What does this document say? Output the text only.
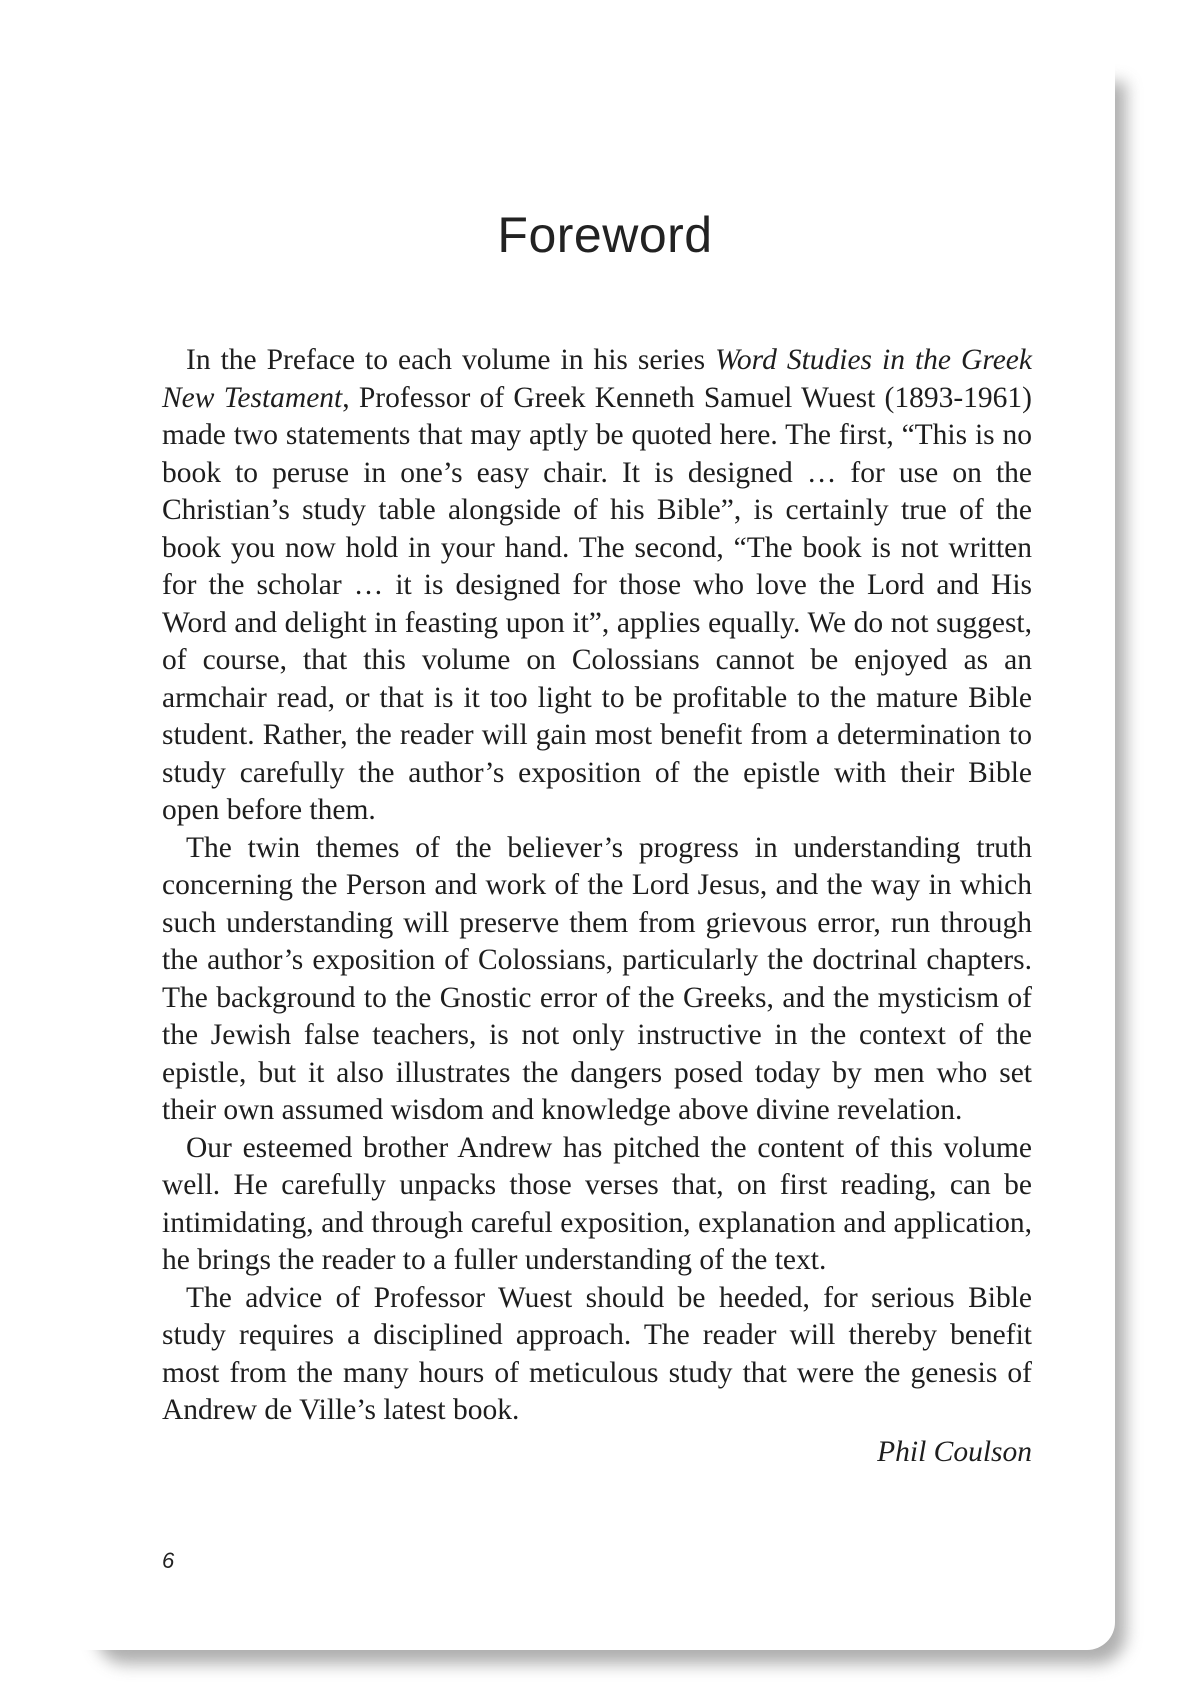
Foreword

In the Preface to each volume in his series Word Studies in the Greek New Testament, Professor of Greek Kenneth Samuel Wuest (1893-1961) made two statements that may aptly be quoted here. The first, “This is no book to peruse in one’s easy chair. It is designed … for use on the Christian’s study table alongside of his Bible”, is certainly true of the book you now hold in your hand. The second, “The book is not written for the scholar … it is designed for those who love the Lord and His Word and delight in feasting upon it”, applies equally. We do not suggest, of course, that this volume on Colossians cannot be enjoyed as an armchair read, or that is it too light to be profitable to the mature Bible student. Rather, the reader will gain most benefit from a determination to study carefully the author’s exposition of the epistle with their Bible open before them.

The twin themes of the believer’s progress in understanding truth concerning the Person and work of the Lord Jesus, and the way in which such understanding will preserve them from grievous error, run through the author’s exposition of Colossians, particularly the doctrinal chapters. The background to the Gnostic error of the Greeks, and the mysticism of the Jewish false teachers, is not only instructive in the context of the epistle, but it also illustrates the dangers posed today by men who set their own assumed wisdom and knowledge above divine revelation.

Our esteemed brother Andrew has pitched the content of this volume well. He carefully unpacks those verses that, on first reading, can be intimidating, and through careful exposition, explanation and application, he brings the reader to a fuller understanding of the text.

The advice of Professor Wuest should be heeded, for serious Bible study requires a disciplined approach. The reader will thereby benefit most from the many hours of meticulous study that were the genesis of Andrew de Ville’s latest book.

Phil Coulson
6
